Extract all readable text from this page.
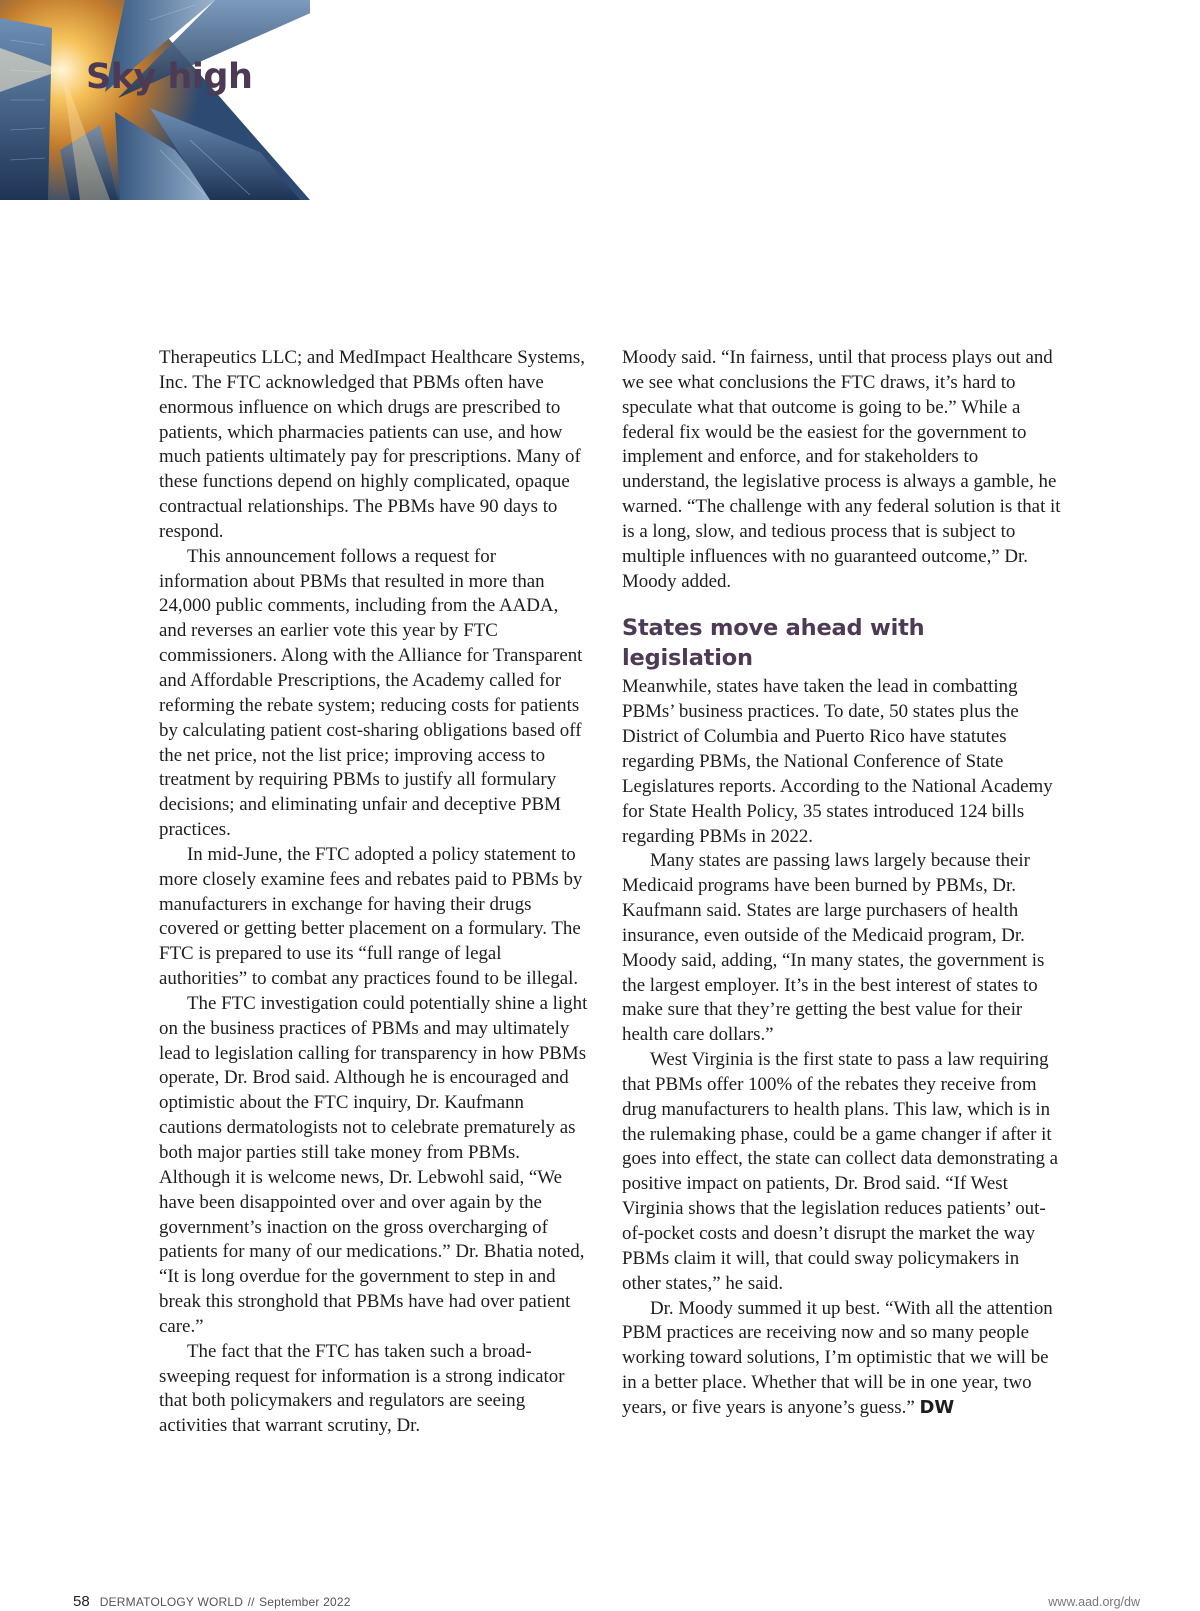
Sky high

Therapeutics LLC; and MedImpact Healthcare Systems, Inc. The FTC acknowledged that PBMs often have enormous influence on which drugs are prescribed to patients, which pharmacies patients can use, and how much patients ultimately pay for prescriptions. Many of these functions depend on highly complicated, opaque contractual relationships. The PBMs have 90 days to respond.

This announcement follows a request for information about PBMs that resulted in more than 24,000 public comments, including from the AADA, and reverses an earlier vote this year by FTC commissioners. Along with the Alliance for Transparent and Affordable Prescriptions, the Academy called for reforming the rebate system; reducing costs for patients by calculating patient cost-sharing obligations based off the net price, not the list price; improving access to treatment by requiring PBMs to justify all formulary decisions; and eliminating unfair and deceptive PBM practices.

In mid-June, the FTC adopted a policy statement to more closely examine fees and rebates paid to PBMs by manufacturers in exchange for having their drugs covered or getting better placement on a formulary. The FTC is prepared to use its “full range of legal authorities” to combat any practices found to be illegal.

The FTC investigation could potentially shine a light on the business practices of PBMs and may ultimately lead to legislation calling for transparency in how PBMs operate, Dr. Brod said. Although he is encouraged and optimistic about the FTC inquiry, Dr. Kaufmann cautions dermatologists not to celebrate prematurely as both major parties still take money from PBMs. Although it is welcome news, Dr. Lebwohl said, “We have been disappointed over and over again by the government’s inaction on the gross overcharging of patients for many of our medications.” Dr. Bhatia noted, “It is long overdue for the government to step in and break this stronghold that PBMs have had over patient care.”

The fact that the FTC has taken such a broad-sweeping request for information is a strong indicator that both policymakers and regulators are seeing activities that warrant scrutiny, Dr.

Moody said. “In fairness, until that process plays out and we see what conclusions the FTC draws, it’s hard to speculate what that outcome is going to be.” While a federal fix would be the easiest for the government to implement and enforce, and for stakeholders to understand, the legislative process is always a gamble, he warned. “The challenge with any federal solution is that it is a long, slow, and tedious process that is subject to multiple influences with no guaranteed outcome,” Dr. Moody added.

States move ahead with legislation

Meanwhile, states have taken the lead in combatting PBMs’ business practices. To date, 50 states plus the District of Columbia and Puerto Rico have statutes regarding PBMs, the National Conference of State Legislatures reports. According to the National Academy for State Health Policy, 35 states introduced 124 bills regarding PBMs in 2022.

Many states are passing laws largely because their Medicaid programs have been burned by PBMs, Dr. Kaufmann said. States are large purchasers of health insurance, even outside of the Medicaid program, Dr. Moody said, adding, “In many states, the government is the largest employer. It’s in the best interest of states to make sure that they’re getting the best value for their health care dollars.”

West Virginia is the first state to pass a law requiring that PBMs offer 100% of the rebates they receive from drug manufacturers to health plans. This law, which is in the rulemaking phase, could be a game changer if after it goes into effect, the state can collect data demonstrating a positive impact on patients, Dr. Brod said. “If West Virginia shows that the legislation reduces patients’ out-of-pocket costs and doesn’t disrupt the market the way PBMs claim it will, that could sway policymakers in other states,” he said.

Dr. Moody summed it up best. “With all the attention PBM practices are receiving now and so many people working toward solutions, I’m optimistic that we will be in a better place. Whether that will be in one year, two years, or five years is anyone’s guess.” DW

58 DERMATOLOGY WORLD // September 2022	www.aad.org/dw
